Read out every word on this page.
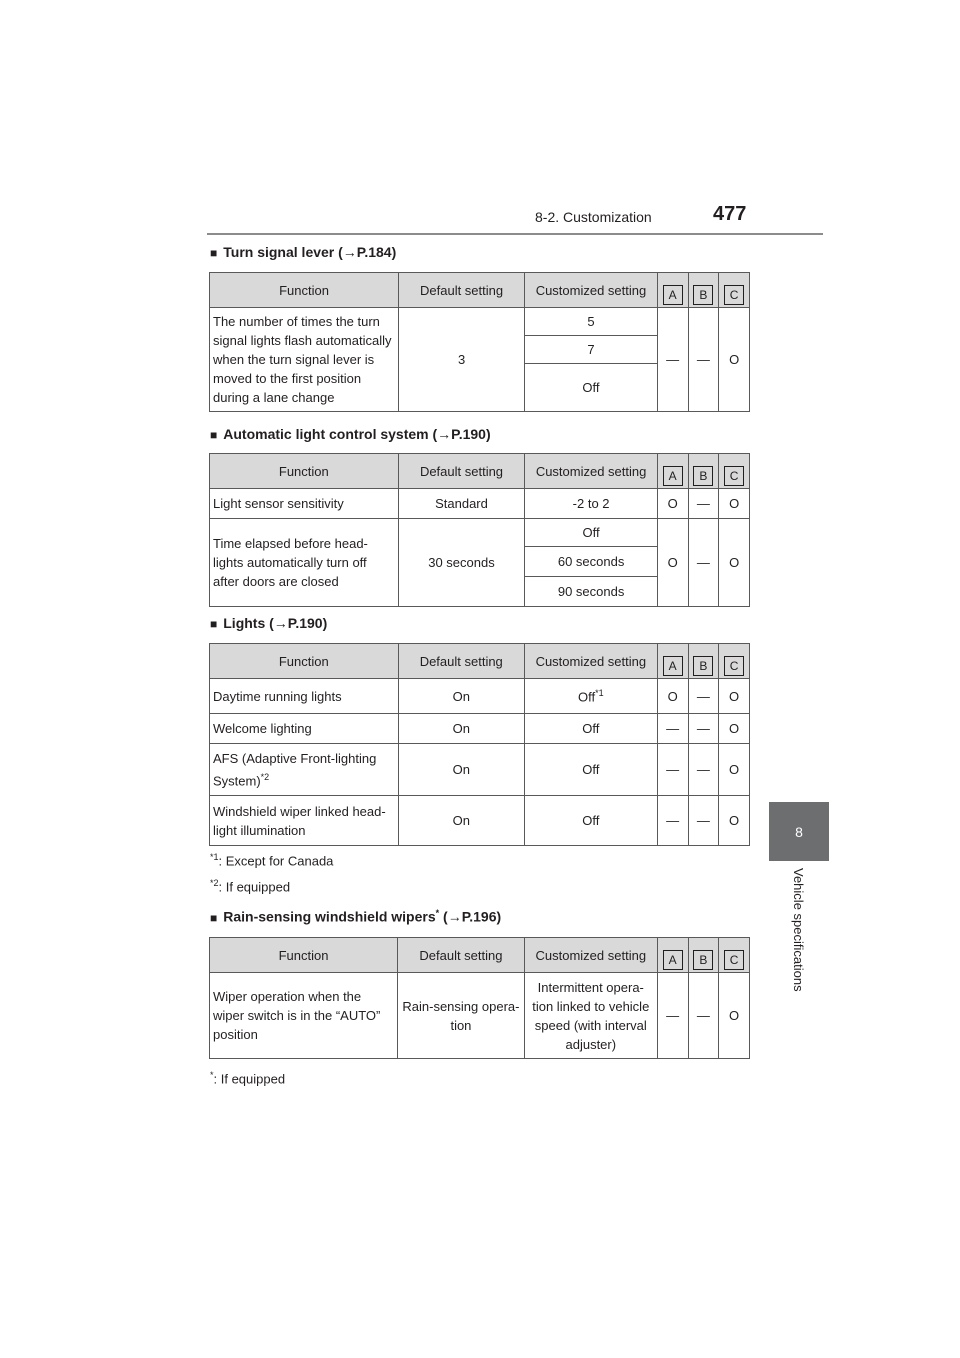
8-2. Customization	477
8
Vehicle specifications
■ Turn signal lever (→P.184)
Function	Default setting	Customized setting	A	B	C
The number of times the turn signal lights flash automatically when the turn signal lever is moved to the first position during a lane change	3	5	—	—	O
		7			
		Off			
■ Automatic light control system (→P.190)
Function	Default setting	Customized setting	A	B	C
Light sensor sensitivity	Standard	-2 to 2	O	—	O
Time elapsed before head-lights automatically turn off after doors are closed	30 seconds	Off	O	—	O
		60 seconds			
		90 seconds			
■ Lights (→P.190)
Function	Default setting	Customized setting	A	B	C
Daytime running lights	On	Off$^{*1}$	O	—	O
Welcome lighting	On	Off	—	—	O
AFS (Adaptive Front-lighting System)$^{*2}$	On	Off	—	—	O
Windshield wiper linked head-light illumination	On	Off	—	—	O
$^{*1}$: Except for Canada
$^{*2}$: If equipped
■ Rain-sensing windshield wipers* (→P.196)
Function	Default setting	Customized setting	A	B	C
Wiper operation when the wiper switch is in the “AUTO” position	Rain-sensing opera-tion	Intermittent opera-tion linked to vehicle speed (with interval adjuster)	—	—	O
*: If equipped
